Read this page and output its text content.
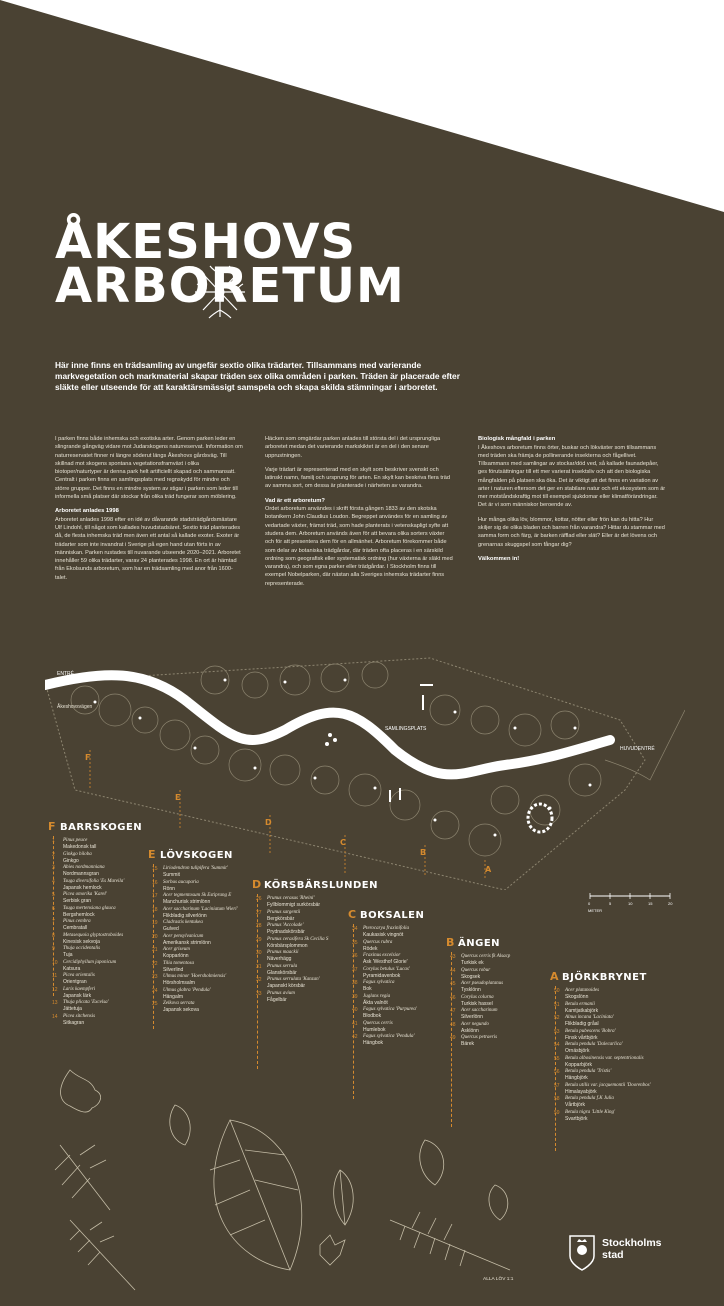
ÅKESHOVS
ARBORETUM
Här inne finns en trädsamling av ungefär sextio olika trädarter. Tillsammans med varierande markvegetation och markmaterial skapar träden sex olika områden i parken. Träden är placerade efter släkte eller utseende för att karaktärsmässigt samspela och skapa skilda stämningar i arboretet.

I parken finns både inhemska och exotiska arter. Genom parken leder en slingrande gångväg vidare mot Judarskogens naturreservat. Information om naturreservatet finner ni längre söderut längs Åkeshovs gårdsväg. Till skillnad mot skogens spontana vegetationsframväxt i olika biotoper/naturtyper är denna park helt artificiellt skapad och sammansatt. Centralt i parken finns en samlingsplats med regnskydd för mindre och större grupper. Det finns en mindre system av stigar i parken som leder till informella små platser där stockar från olika träd fungerar som möblering.

Arboretet anlades 1998

Arboretet anlades 1998 efter en idé av dåvarande stadsträdgårdsmästare Ulf Lindohl, till något som kallades huvudstadsäret. Sextio träd planterades då, de flesta inhemska träd men även ett antal så kallade exoter. Exoter är trädarter som inte invandrat i Sverige på egen hand utan förts in av människan. Parken rustades till nuvarande utseende 2020–2021. Arboretet innehåller 59 olika trädarter, varav 24 planterades 1998. En ort är hämtad från Ekolsunds arboretum, som har en trädsamling med anor från 1600-talet.

Häcken som omgärdar parken anlades till största del i det ursprungliga arboretet medan det varierande markskiktet är en del i den senare upprustningen.

Varje trädart är representerad med en skylt som beskriver svenskt och latinskt namn, familj och ursprung för arten. En skylt kan beskriva flera träd av samma sort, om dessa är planterade i närheten av varandra.

Vad är ett arboretum?

Ordet arboretum användes i skrift första gången 1833 av den skotska botanikern John Claudius Loudon. Begreppet användes för en samling av vedartade växter, främst träd, som hade planterats i vetenskapligt syfte att studera dem. Arboretum används även för att bevara olika sorters växter och för att presentera dem för en allmänhet. Arboretum förekommer både som delar av botaniska trädgårdar, där träden ofta placeras i en särskild ordning som geografisk eller systematisk ordning (hur växterna är släkt med varandra), och som egna parker eller trädgårdar. I Stockholm finns till exempel Nobelparken, där nästan alla Sveriges inhemska trädarter finns representerade.

Biologisk mångfald i parken

I Åkeshovs arboretum finns örter, buskar och lökväxter som tillsammans med träden ska främja de pollinerande insekterna och fågellivet. Tillsammans med samlingar av stockar/död ved, så kallade faunadepåer, ges förutsättningar till ett mer varierat insektsliv och att den biologiska mångfalden på platsen ska öka. Det är viktigt att det finns en variation av arter i naturen eftersom det ger en stabilare natur och ett ekosystem som är mer motståndskraftig mot till exempel sjukdomar eller klimatförändringar. Det är vi som människor beroende av.

Hur många olika löv, blommor, kottar, nötter eller frön kan du hitta? Hur skiljer sig de olika bladen och barren från varandra? Hittar du stammar med samma form och färg, är barken räfflad eller slät? Eller är det lövens och grenarnas skuggspel som fångar dig?

Välkommen in!
F
E
D
C
B
A
ENTRÉ
Åkeshovsvägen
SAMLINGSPLATS
HUVUDENTRÉ
0	5	10	15	20
METER
F BARRSKOGEN
1 Pinus peuce
Makedonsk tall
2 Ginkgo biloba
Ginkgo
3 Abies nordmanniana
Nordmannsgran
4 Tsuga diversifolia 'Es Mareila'
Japansk hemlock
5 Picea omorika 'Karel'
Serbisk gran
6 Tsuga mertensiana glauca
Bergshemlock
7 Pinus cembra
Cembratall
8 Metasequoia glyptostroboides
Kinesisk sekvoja
9 Thuja occidentalis
Tuja
10 Cercidiphyllum japonicum
Katsura
11 Picea orientalis
Orientgran
12 Larix kaempferi
Japansk lärk
13 Thuja plicata 'Excelsa'
Jättetuja
14 Picea sitchensis
Sitkagran
E LÖVSKOGEN
15 Liriodendron tulipifera 'Summit'
Summit
16 Sorbus aucuparia
Rönn
17 Acer tegmentosum Sk Estiprang E
Manchurisk strimlönn
18 Acer saccharinum 'Laciniatum Wieri'
Flikbladig silverlönn
19 Cladrastis kentukea
Gulved
20 Acer pensylvanicum
Amerikansk strimlönn
21 Acer griseum
Kopparlönn
22 Tilia tomentosa
Silverlind
23 Ulmus minor 'Hoersholmiensis'
Hörsholmsalm
24 Ulmus glabra 'Pendula'
Hängalm
25 Zelkova serrata
Japansk sekova
D KÖRSBÄRSLUNDEN
26 Prunus cerasus 'Rheinl'
Fyllblommigt surkörsbär
27 Prunus sargentii
Bergkörsbär
28 Prunus 'Accolade'
Prydnadskörsbär
29 Prunus cerasifera Sk Cecilia S
Körsbärsplommon
30 Prunus maackii
Näverhägg
31 Prunus serrula
Glanskörsbär
32 Prunus serrulata 'Kanzan'
Japanskt körsbär
33 Prunus avium
Fågelbär
C BOKSALEN
34 Pterocarya fraxinifolia
Kaukasisk vingnöt
35 Quercus rubra
Rödek
36 Fraxinus excelsior
Ask 'Westhof Glorie'
37 Corylus betulus 'Lucas'
Pyramidavenbok
38 Fagus sylvatica
Bok
39 Juglans regia
Äkta valnöt
40 Fagus sylvatica 'Purpurea'
Blodbok
41 Quercus cerris
Humlebok
42 Fagus sylvatica 'Pendula'
Hängbok
B ÄNGEN
43 Quercus cerris fk Alsacp
Turkisk ek
44 Quercus robur
Skogsek
45 Acer pseudoplatanus
Tysklönn
46 Corylus colurna
Turkisk hassel
47 Acer saccharinum
Silverlönn
48 Acer negundo
Asklönn
49 Quercus petraeris
Bärek
A BJÖRKBRYNET
50 Acer platanoides
Skogslönn
51 Betula ermanii
Kamtjatkabjörk
52 Alnus incana 'Laciniata'
Flikbladig gråal
53 Betula pubescens 'Bobra'
Finsk vårtbjörk
54 Betula pendula 'Dalecarlica'
Ornäsbjörk
55 Betula albosinensis var. septentrionalis
Kopparbjörk
56 Betula pendula 'Tristis'
Hängbjörk
57 Betula utilis var. jacquemontii 'Doorenbos'
Himalayabjörk
58 Betula pendula f.K Julia
Vårtbjörk
59 Betula nigra 'Little King'
Svartbjörk
Stockholms
stad
ALLA LÖV 1:1
